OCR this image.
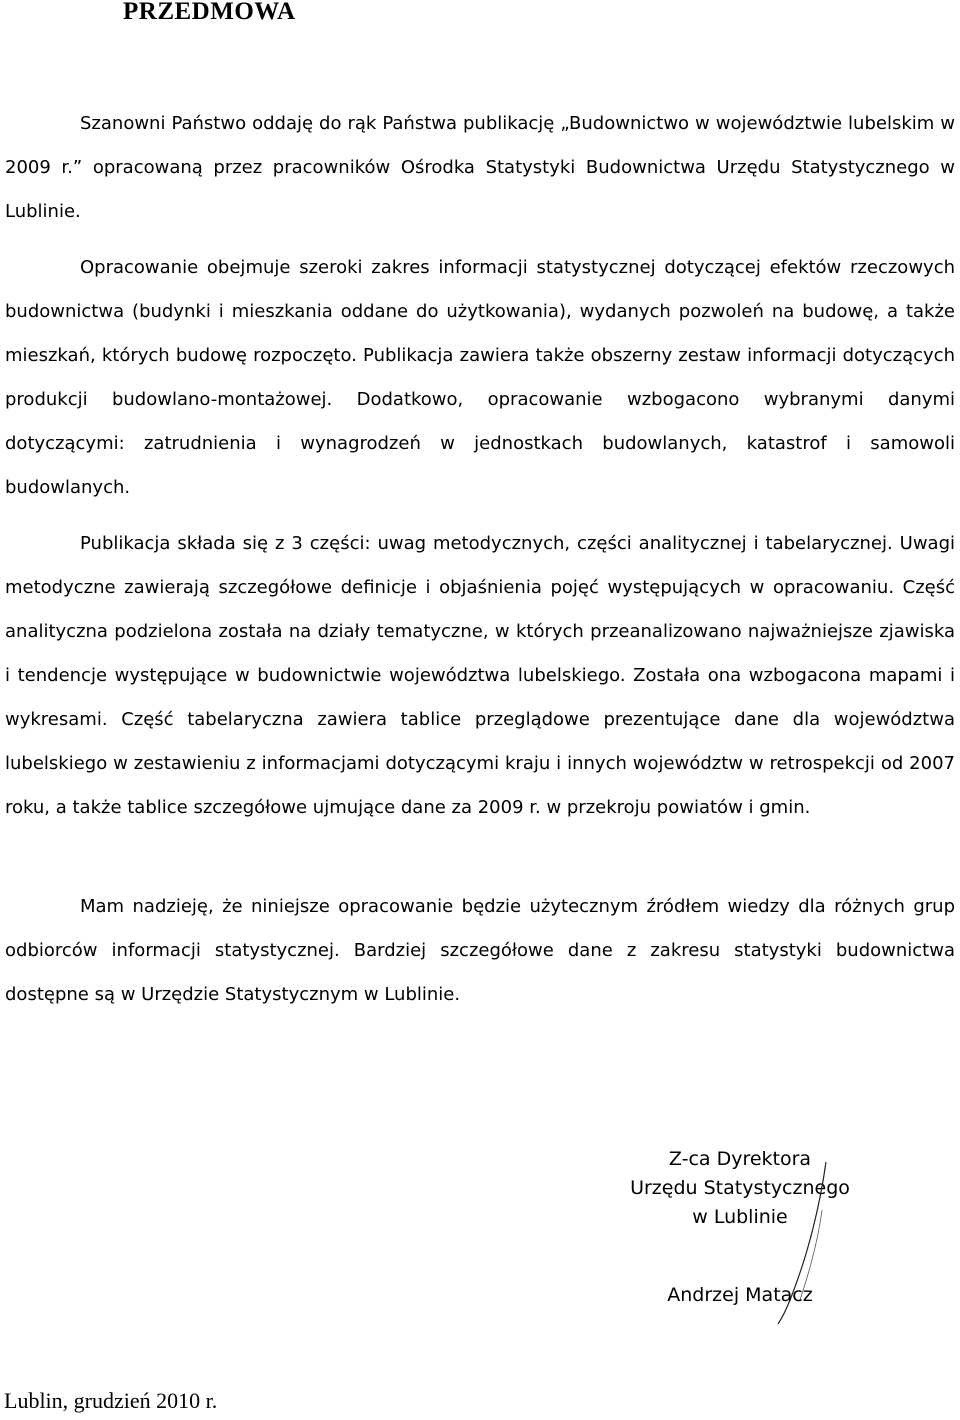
PRZEDMOWA

Szanowni Państwo oddaję do rąk Państwa publikację „Budownictwo w województwie lubelskim w 2009 r.” opracowaną przez pracowników Ośrodka Statystyki Budownictwa Urzędu Statystycznego w Lublinie.

Opracowanie obejmuje szeroki zakres informacji statystycznej dotyczącej efektów rzeczowych budownictwa (budynki i mieszkania oddane do użytkowania), wydanych pozwoleń na budowę, a także mieszkań, których budowę rozpoczęto. Publikacja zawiera także obszerny zestaw informacji dotyczących produkcji budowlano-montażowej. Dodatkowo, opracowanie wzbogacono wybranymi danymi dotyczącymi: zatrudnienia i wynagrodzeń w jednostkach budowlanych, katastrof i samowoli budowlanych.

Publikacja składa się z 3 części: uwag metodycznych, części analitycznej i tabelarycznej. Uwagi metodyczne zawierają szczegółowe definicje i objaśnienia pojęć występujących w opracowaniu. Część analityczna podzielona została na działy tematyczne, w których przeanalizowano najważniejsze zjawiska i tendencje występujące w budownictwie województwa lubelskiego. Została ona wzbogacona mapami i wykresami. Część tabelaryczna zawiera tablice przeglądowe prezentujące dane dla województwa lubelskiego w zestawieniu z informacjami dotyczącymi kraju i innych województw w retrospekcji od 2007 roku, a także tablice szczegółowe ujmujące dane za 2009 r. w przekroju powiatów i gmin.

Mam nadzieję, że niniejsze opracowanie będzie użytecznym źródłem wiedzy dla różnych grup odbiorców informacji statystycznej. Bardziej szczegółowe dane z zakresu statystyki budownictwa dostępne są w Urzędzie Statystycznym w Lublinie.

Z-ca Dyrektora
Urzędu Statystycznego
w Lublinie
Andrzej Matacz
Lublin, grudzień 2010 r.
